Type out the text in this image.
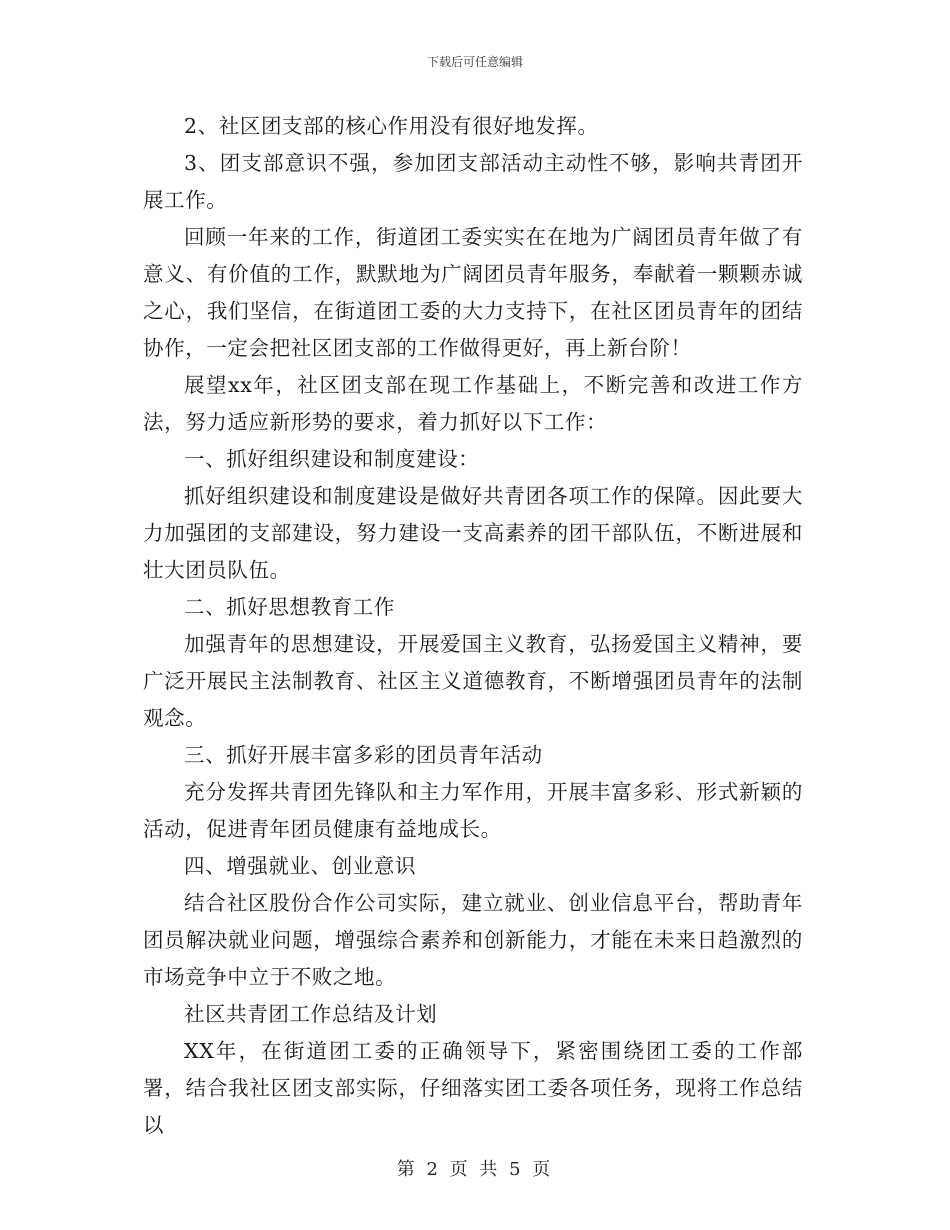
下载后可任意编辑

2、社区团支部的核心作用没有很好地发挥。

3、团支部意识不强，参加团支部活动主动性不够，影响共青团开展工作。

回顾一年来的工作，街道团工委实实在在地为广阔团员青年做了有意义、有价值的工作，默默地为广阔团员青年服务，奉献着一颗颗赤诚之心，我们坚信，在街道团工委的大力支持下，在社区团员青年的团结协作，一定会把社区团支部的工作做得更好，再上新台阶！

展望xx年，社区团支部在现工作基础上，不断完善和改进工作方法，努力适应新形势的要求，着力抓好以下工作：

一、抓好组织建设和制度建设：

抓好组织建设和制度建设是做好共青团各项工作的保障。因此要大力加强团的支部建设，努力建设一支高素养的团干部队伍，不断进展和壮大团员队伍。

二、抓好思想教育工作

加强青年的思想建设，开展爱国主义教育，弘扬爱国主义精神，要广泛开展民主法制教育、社区主义道德教育，不断增强团员青年的法制观念。

三、抓好开展丰富多彩的团员青年活动

充分发挥共青团先锋队和主力军作用，开展丰富多彩、形式新颖的活动，促进青年团员健康有益地成长。

四、增强就业、创业意识

结合社区股份合作公司实际，建立就业、创业信息平台，帮助青年团员解决就业问题，增强综合素养和创新能力，才能在未来日趋激烈的市场竞争中立于不败之地。

社区共青团工作总结及计划

XX年，在街道团工委的正确领导下，紧密围绕团工委的工作部署，结合我社区团支部实际，仔细落实团工委各项任务，现将工作总结以

第 2 页 共 5 页
